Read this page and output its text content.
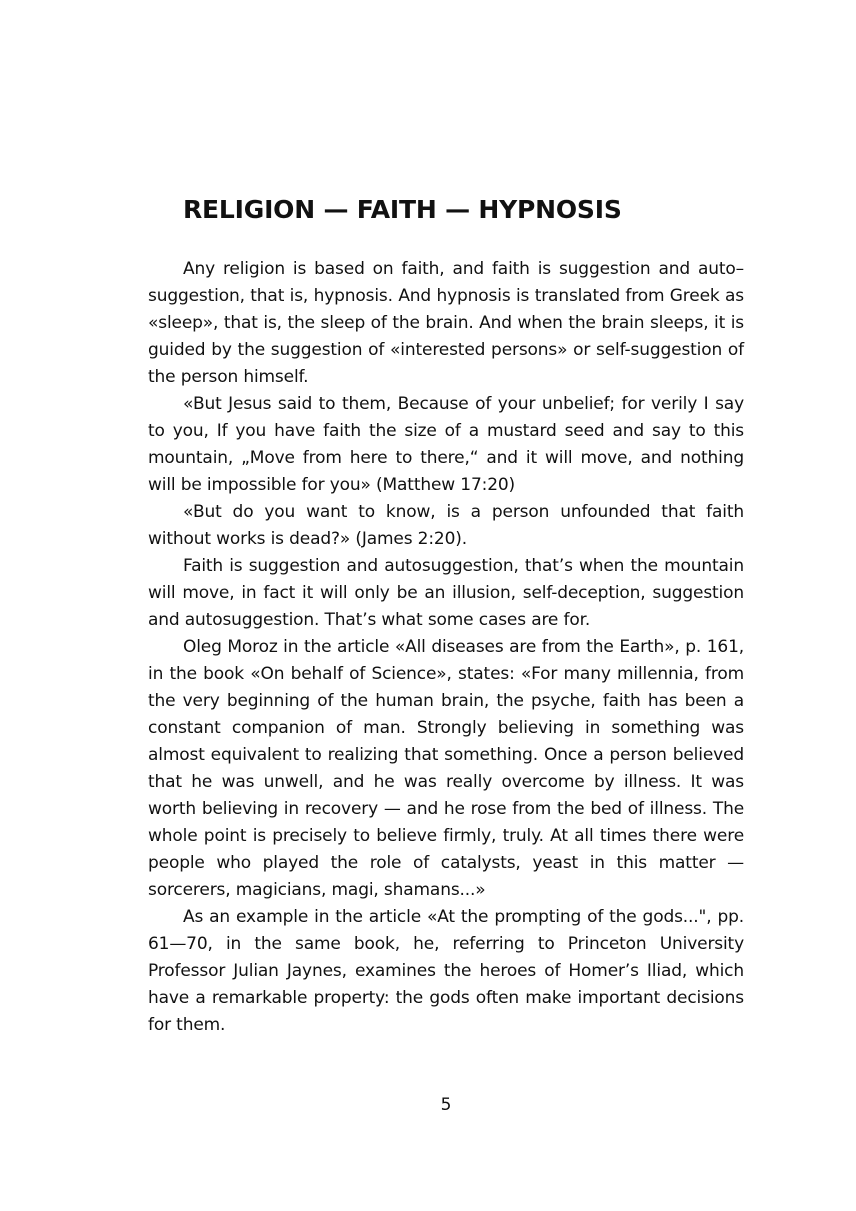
RELIGION — FAITH — HYPNOSIS

Any religion is based on faith, and faith is suggestion and auto–suggestion, that is, hypnosis. And hypnosis is translated from Greek as «sleep», that is, the sleep of the brain. And when the brain sleeps, it is guided by the suggestion of «interested persons» or self-suggestion of the person himself.

«But Jesus said to them, Because of your unbelief; for verily I say to you, If you have faith the size of a mustard seed and say to this mountain, „Move from here to there,“ and it will move, and nothing will be impossible for you» (Matthew 17:20)

«But do you want to know, is a person unfounded that faith without works is dead?» (James 2:20).

Faith is suggestion and autosuggestion, that’s when the mountain will move, in fact it will only be an illusion, self-deception, suggestion and autosuggestion. That’s what some cases are for.

Oleg Moroz in the article «All diseases are from the Earth», p. 161, in the book «On behalf of Science», states: «For many millennia, from the very beginning of the human brain, the psyche, faith has been a constant companion of man. Strongly believing in something was almost equivalent to realizing that something. Once a person believed that he was unwell, and he was really overcome by illness. It was worth believing in recovery — and he rose from the bed of illness. The whole point is precisely to believe firmly, truly. At all times there were people who played the role of catalysts, yeast in this matter — sorcerers, magicians, magi, shamans...»

As an example in the article «At the prompting of the gods...", pp. 61—70, in the same book, he, referring to Princeton University Professor Julian Jaynes, examines the heroes of Homer’s Iliad, which have a remarkable property: the gods often make important decisions for them.

5
